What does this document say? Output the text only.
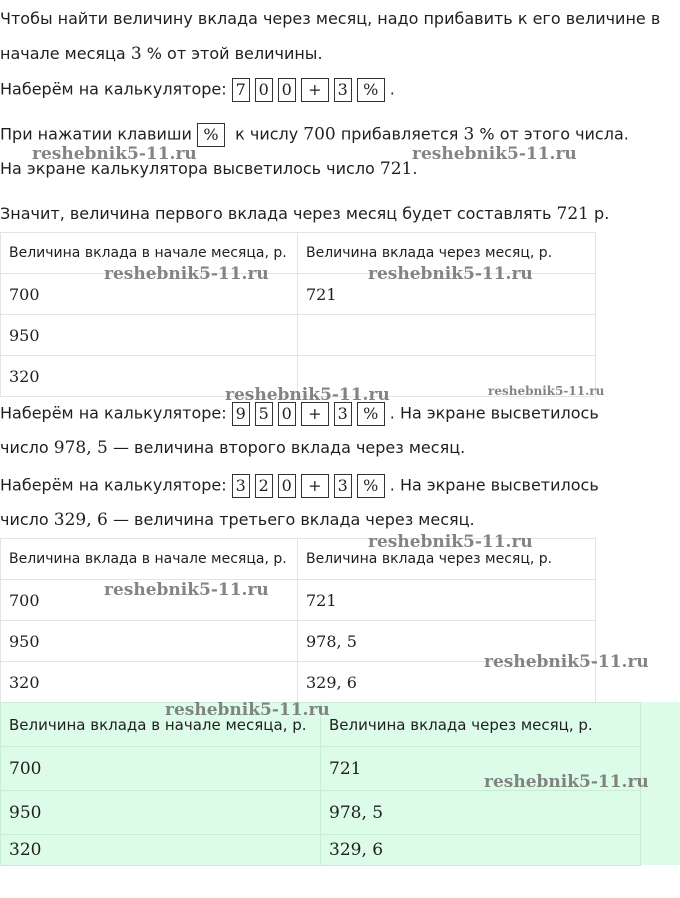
Чтобы найти величину вклада через месяц, надо прибавить к его величине в
начале месяца 3 % от этой величины.
Наберём на калькуляторе: 7 0 0 + 3 % .
При нажатии клавиши % к числу 700 прибавляется 3 % от этого числа.
На экране калькулятора высветилось число 721.
Значит, величина первого вклада через месяц будет составлять 721 р.
Величина вклада в начале месяца, р.	Величина вклада через месяц, р.
700	721
950	
320	
Наберём на калькуляторе: 9 5 0 + 3 % . На экране высветилось
число 978, 5 — величина второго вклада через месяц.
Наберём на калькуляторе: 3 2 0 + 3 % . На экране высветилось
число 329, 6 — величина третьего вклада через месяц.
Величина вклада в начале месяца, р.	Величина вклада через месяц, р.
700	721
950	978, 5
320	329, 6
Величина вклада в начале месяца, р.	Величина вклада через месяц, р.
700	721
950	978, 5
320	329, 6
reshebnik5-11.ru	reshebnik5-11.ru
reshebnik5-11.ru	reshebnik5-11.ru
reshebnik5-11.ru	reshebnik5-11.ru
reshebnik5-11.ru
reshebnik5-11.ru
reshebnik5-11.ru
reshebnik5-11.ru
reshebnik5-11.ru
